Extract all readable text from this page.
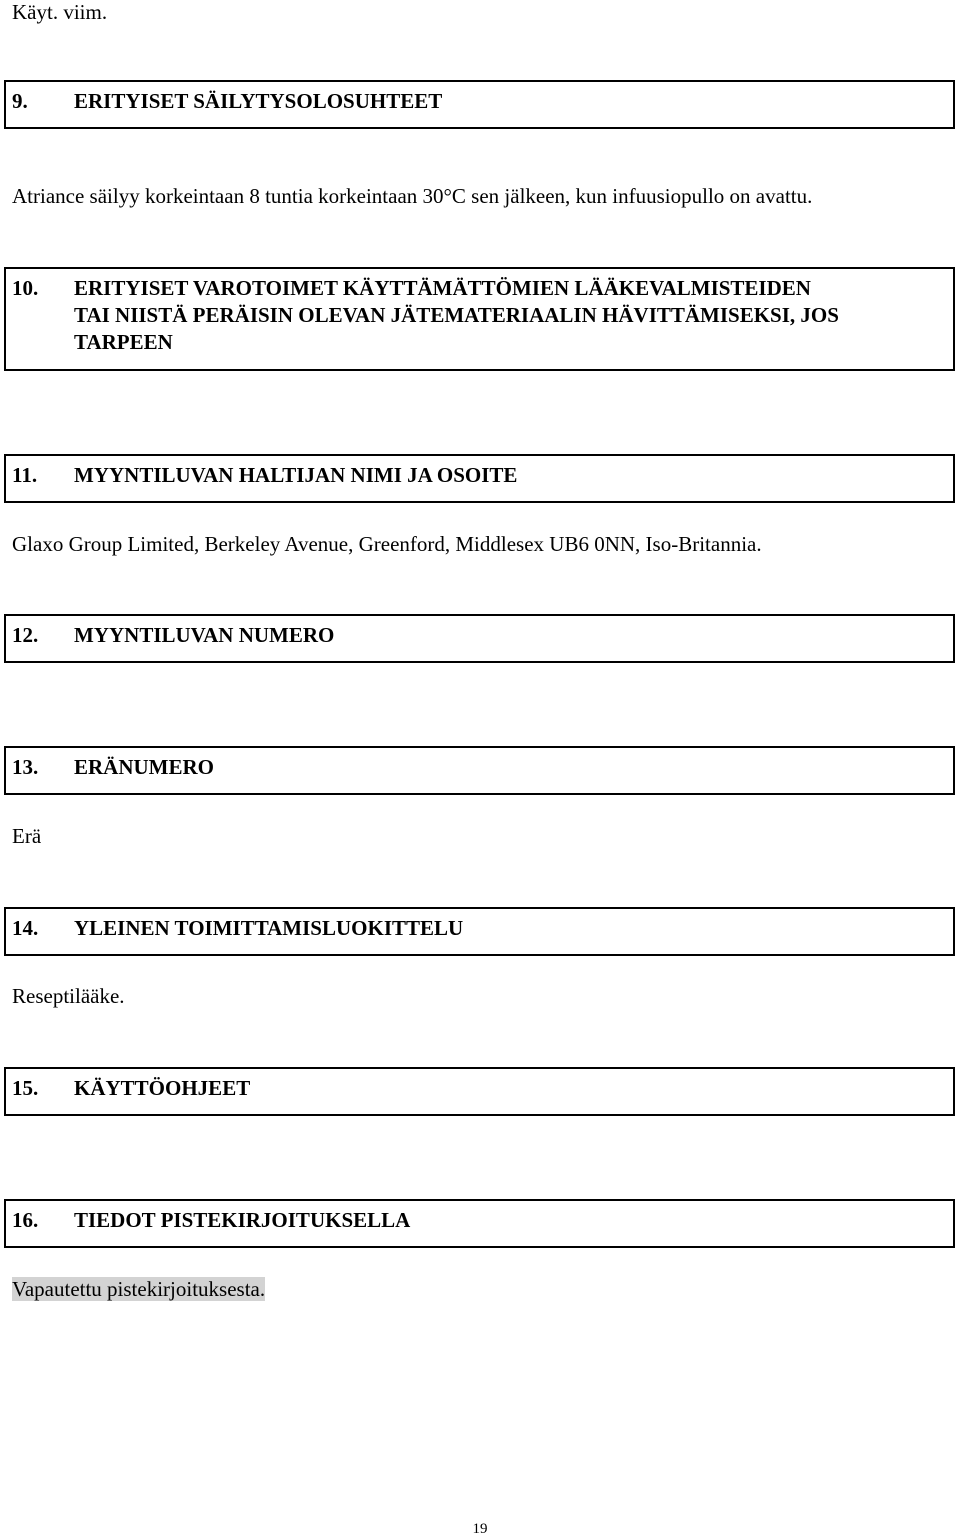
Käyt. viim.
9. ERITYISET SÄILYTYSOLOSUHTEET
Atriance säilyy korkeintaan 8 tuntia korkeintaan 30°C sen jälkeen, kun infuusiopullo on avattu.
10. ERITYISET VAROTOIMET KÄYTTÄMÄTTÖMIEN LÄÄKEVALMISTEIDEN
TAI NIISTÄ PERÄISIN OLEVAN JÄTEMATERIAALIN HÄVITTÄMISEKSI, JOS
TARPEEN
11. MYYNTILUVAN HALTIJAN NIMI JA OSOITE
Glaxo Group Limited, Berkeley Avenue, Greenford, Middlesex UB6 0NN, Iso-Britannia.
12. MYYNTILUVAN NUMERO
13. ERÄNUMERO
Erä
14. YLEINEN TOIMITTAMISLUOKITTELU
Reseptilääke.
15. KÄYTTÖOHJEET
16. TIEDOT PISTEKIRJOITUKSELLA
Vapautettu pistekirjoituksesta.
19
